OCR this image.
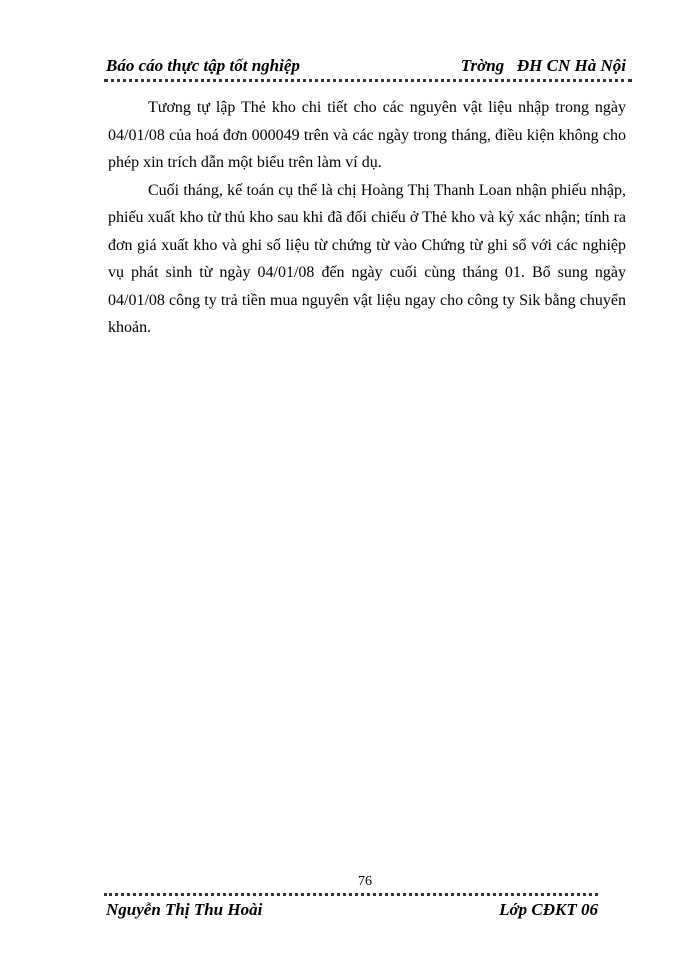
Báo cáo thực tập tốt nghiệp	Trờng   ĐH CN Hà Nội

Tương tự lập Thẻ kho chi tiết cho các nguyên vật liệu nhập trong ngày 04/01/08 của hoá đơn 000049 trên và các ngày trong tháng, điều kiện không cho phép xin trích dẫn một biểu trên làm ví dụ.

Cuối tháng, kế toán cụ thể là chị Hoàng Thị Thanh Loan nhận phiếu nhập, phiếu xuất kho từ thủ kho sau khi đã đối chiếu ở Thẻ kho và ký xác nhận; tính ra đơn giá xuất kho và ghi số liệu từ chứng từ vào Chứng từ ghi sổ với các nghiệp vụ phát sinh từ ngày 04/01/08 đến ngày cuối cùng tháng 01. Bổ sung ngày 04/01/08 công ty trả tiền mua nguyên vật liệu ngay cho công ty Sik bằng chuyển khoản.

76
Nguyễn Thị Thu Hoài	Lớp CĐKT 06
